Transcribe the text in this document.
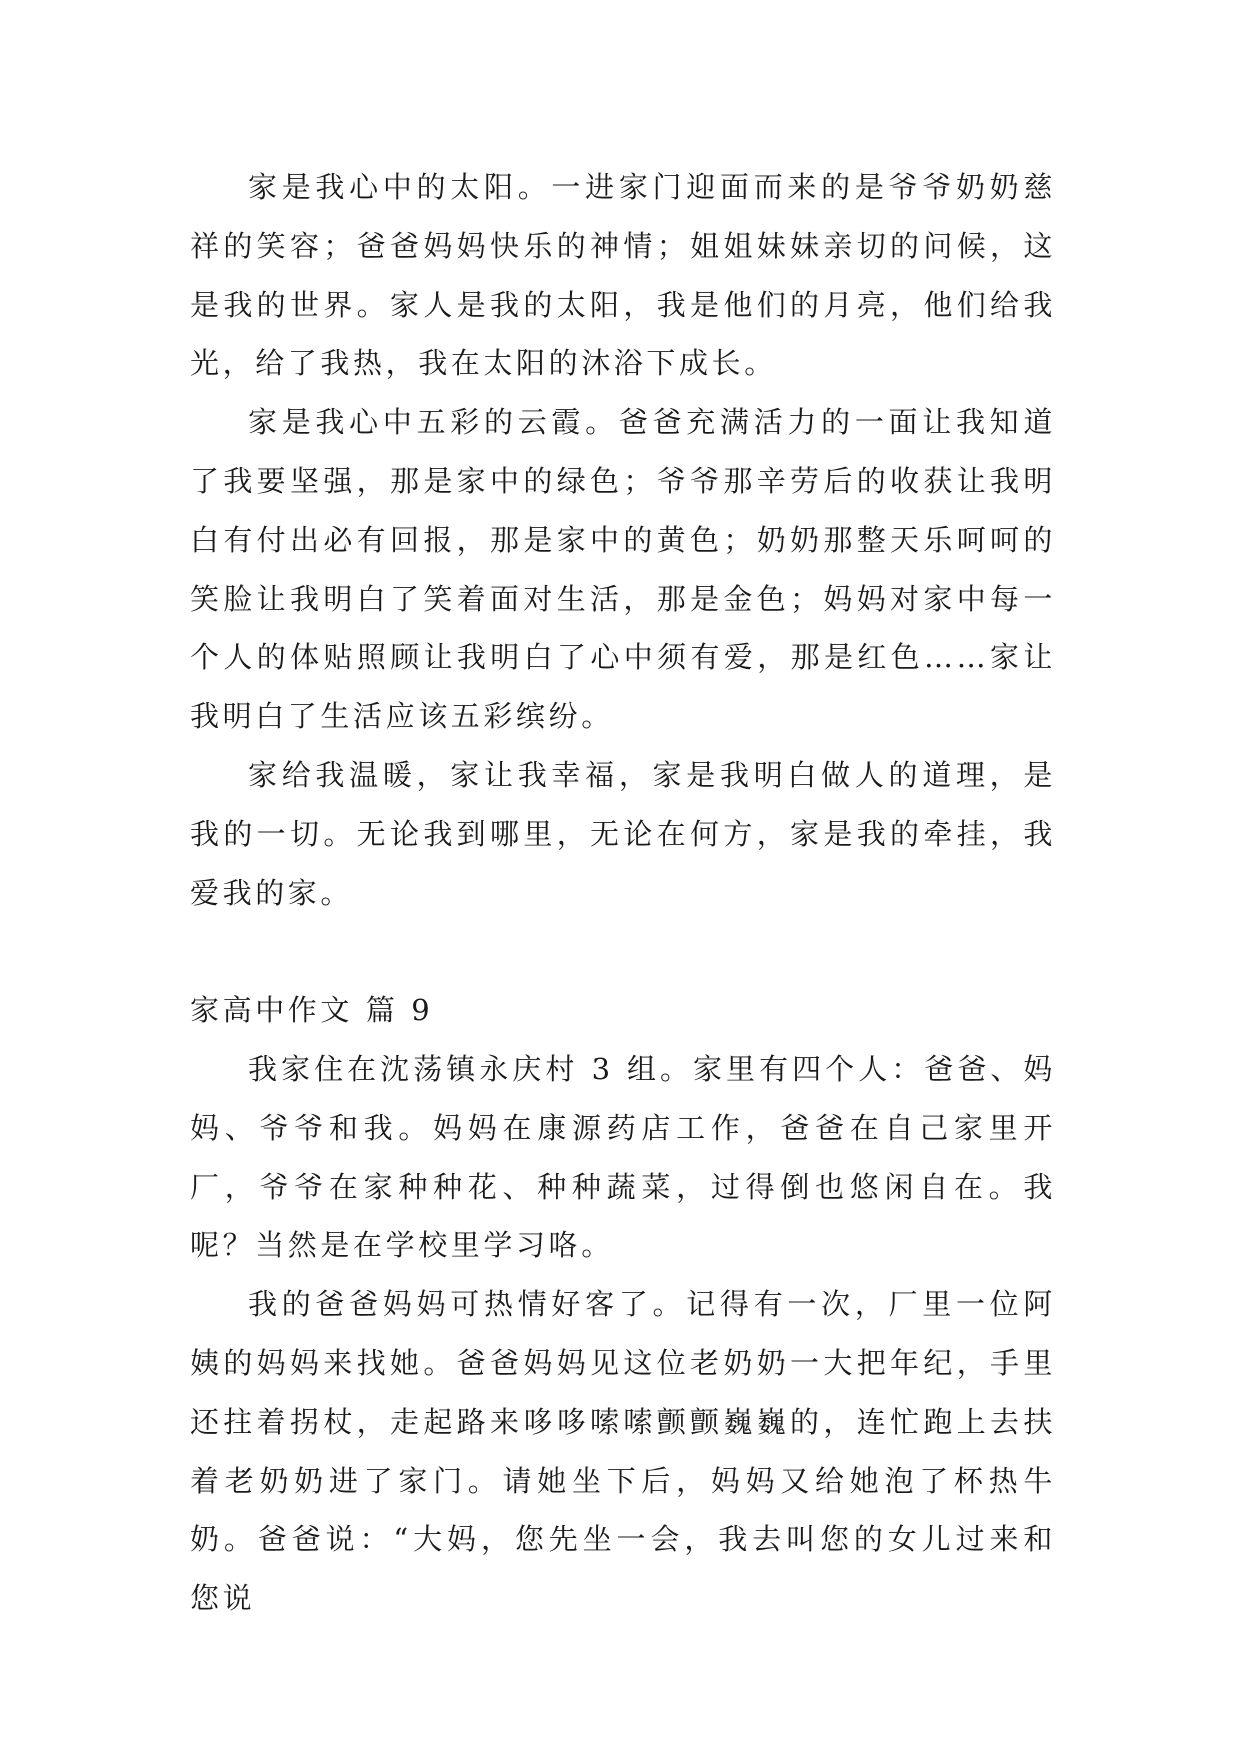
家是我心中的太阳。一进家门迎面而来的是爷爷奶奶慈祥的笑容；爸爸妈妈快乐的神情；姐姐妹妹亲切的问候，这是我的世界。家人是我的太阳，我是他们的月亮，他们给我光，给了我热，我在太阳的沐浴下成长。

家是我心中五彩的云霞。爸爸充满活力的一面让我知道了我要坚强，那是家中的绿色；爷爷那辛劳后的收获让我明白有付出必有回报，那是家中的黄色；奶奶那整天乐呵呵的笑脸让我明白了笑着面对生活，那是金色；妈妈对家中每一个人的体贴照顾让我明白了心中须有爱，那是红色……家让我明白了生活应该五彩缤纷。

家给我温暖，家让我幸福，家是我明白做人的道理，是我的一切。无论我到哪里，无论在何方，家是我的牵挂，我爱我的家。

家高中作文 篇 9

我家住在沈荡镇永庆村 3 组。家里有四个人：爸爸、妈妈、爷爷和我。妈妈在康源药店工作，爸爸在自己家里开厂，爷爷在家种种花、种种蔬菜，过得倒也悠闲自在。我呢？当然是在学校里学习咯。

我的爸爸妈妈可热情好客了。记得有一次，厂里一位阿姨的妈妈来找她。爸爸妈妈见这位老奶奶一大把年纪，手里还拄着拐杖，走起路来哆哆嗦嗦颤颤巍巍的，连忙跑上去扶着老奶奶进了家门。请她坐下后，妈妈又给她泡了杯热牛奶。爸爸说：“大妈，您先坐一会，我去叫您的女儿过来和您说
